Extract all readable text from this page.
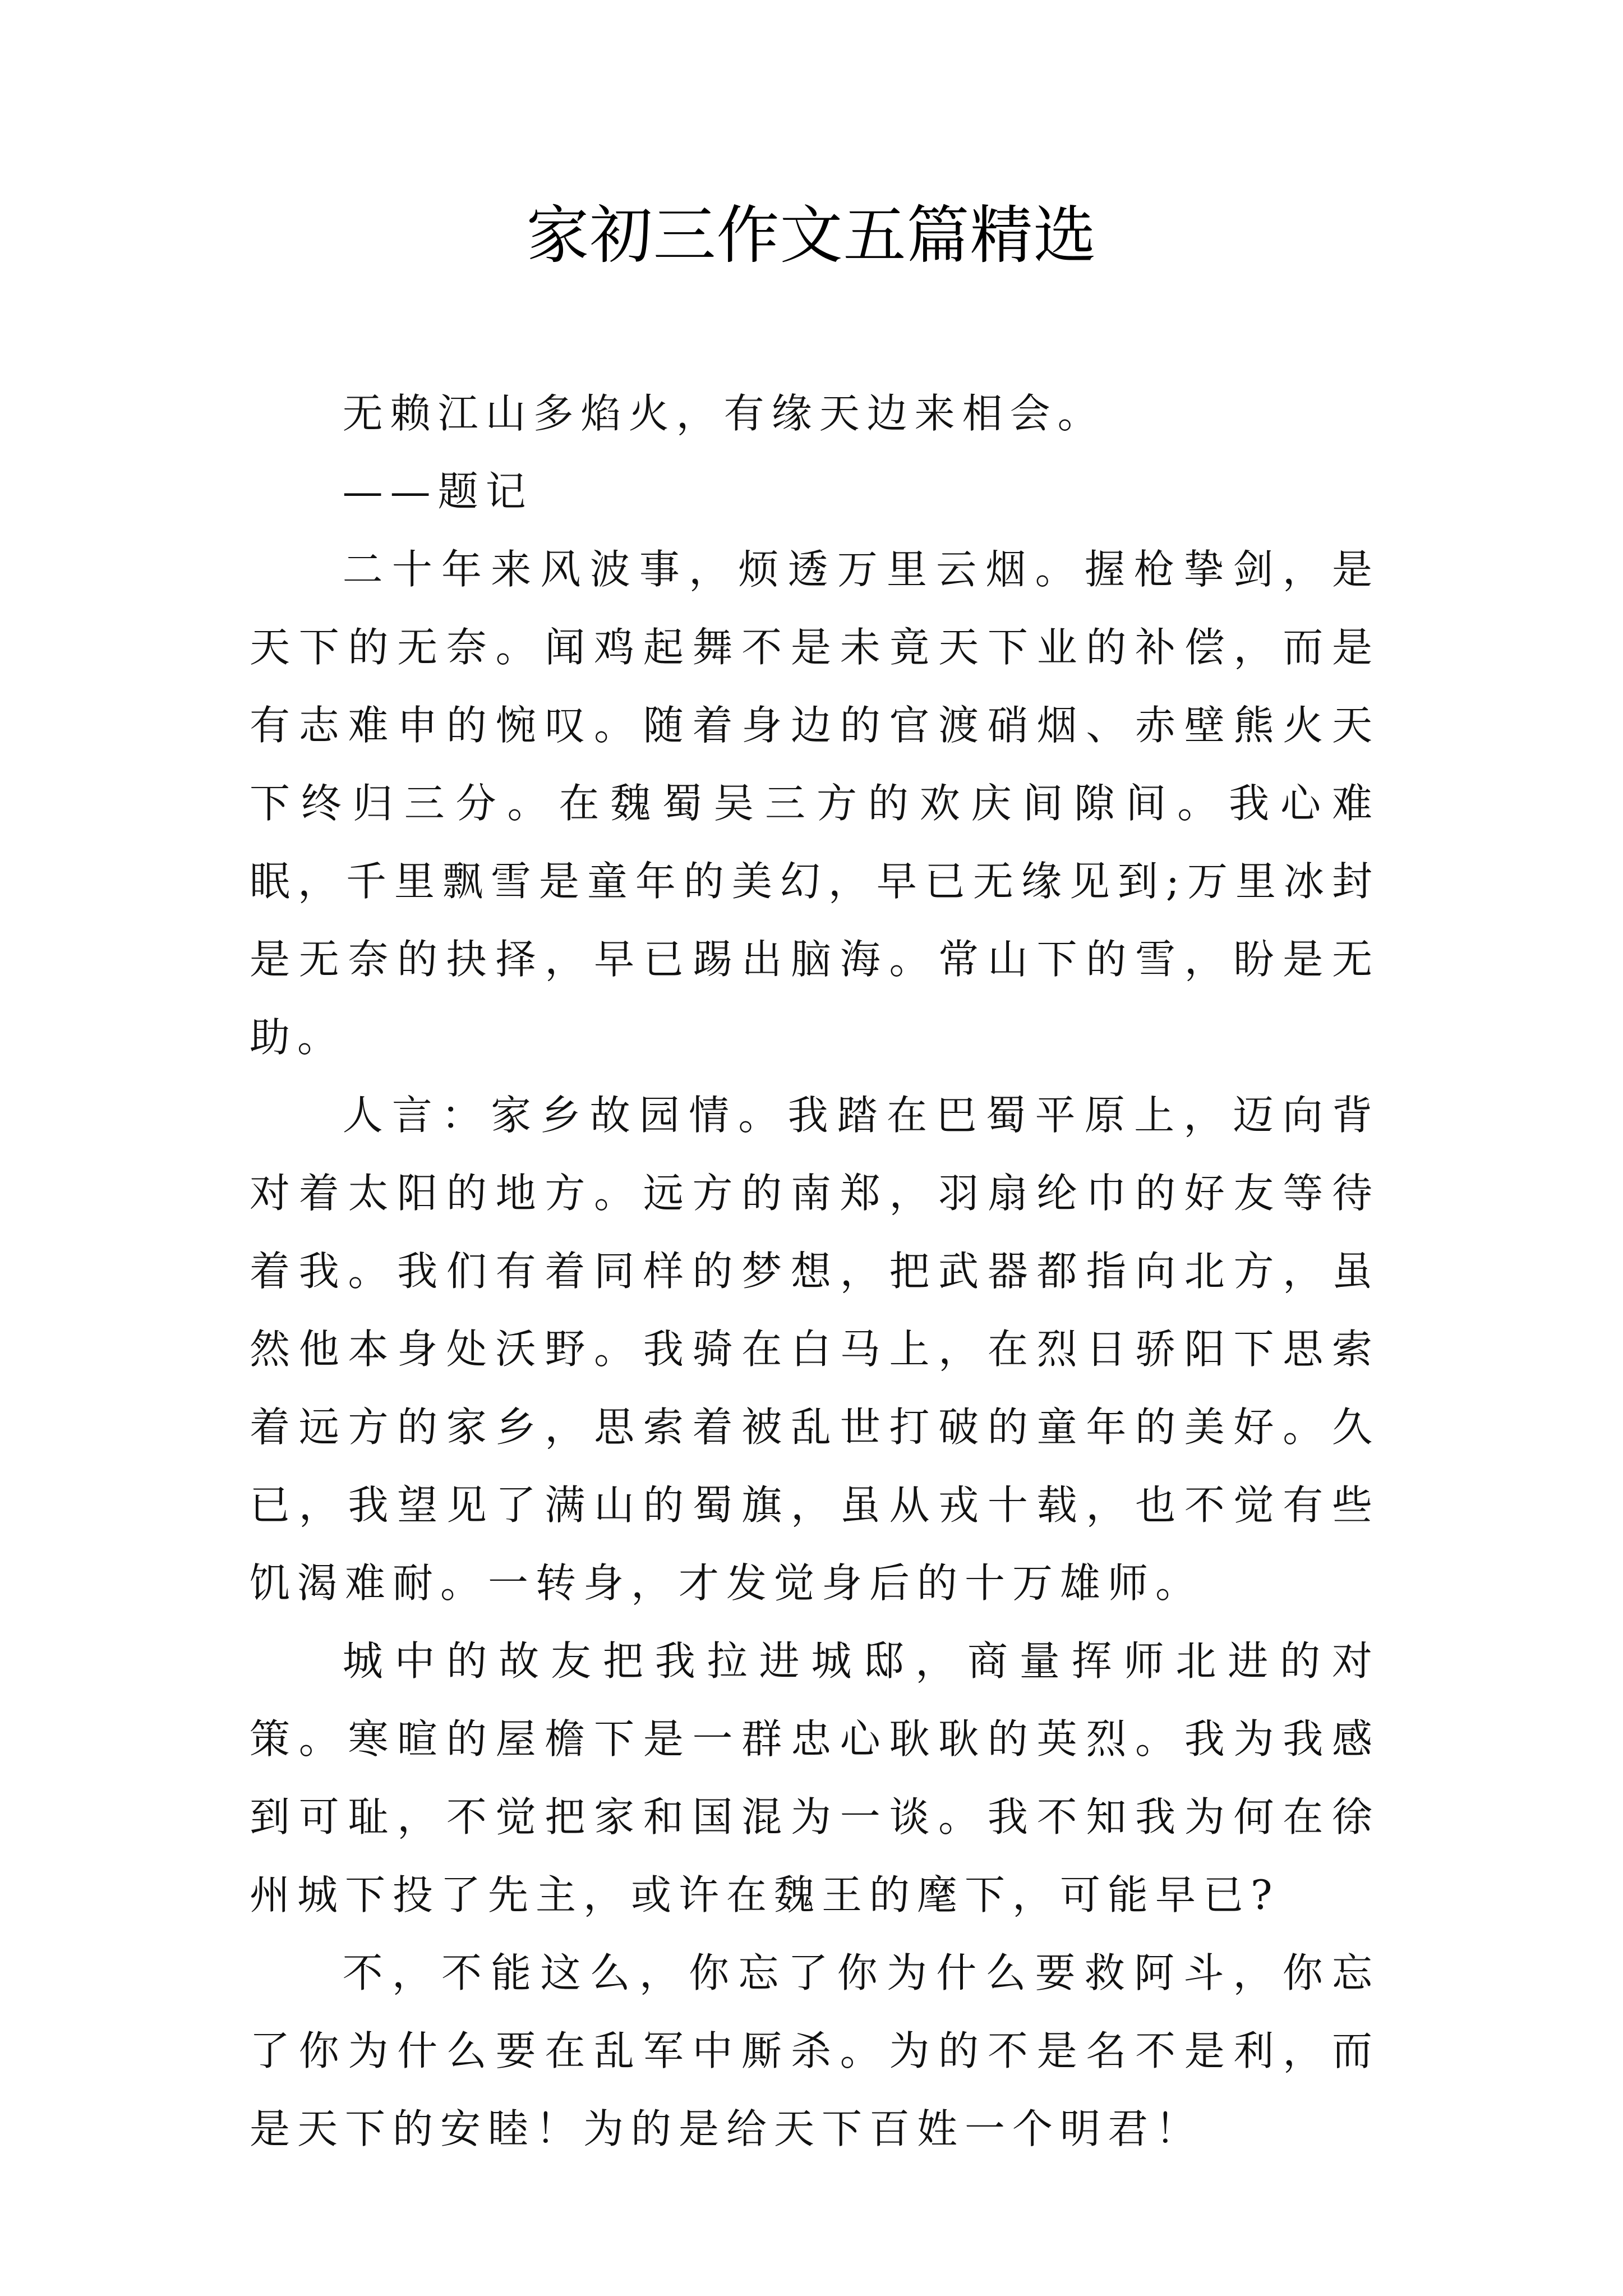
家初三作文五篇精选

无赖江山多焰火，有缘天边来相会。

——题记

二十年来风波事，烦透万里云烟。握枪挚剑，是天下的无奈。闻鸡起舞不是未竟天下业的补偿，而是有志难申的惋叹。随着身边的官渡硝烟、赤壁熊火天下终归三分。在魏蜀吴三方的欢庆间隙间。我心难眠，千里飘雪是童年的美幻，早已无缘见到;万里冰封是无奈的抉择，早已踢出脑海。常山下的雪，盼是无助。

人言：家乡故园情。我踏在巴蜀平原上，迈向背对着太阳的地方。远方的南郑，羽扇纶巾的好友等待着我。我们有着同样的梦想，把武器都指向北方，虽然他本身处沃野。我骑在白马上，在烈日骄阳下思索着远方的家乡，思索着被乱世打破的童年的美好。久已，我望见了满山的蜀旗，虽从戎十载，也不觉有些饥渴难耐。一转身，才发觉身后的十万雄师。

城中的故友把我拉进城邸，商量挥师北进的对策。寒暄的屋檐下是一群忠心耿耿的英烈。我为我感到可耻，不觉把家和国混为一谈。我不知我为何在徐州城下投了先主，或许在魏王的麾下，可能早已?

不，不能这么，你忘了你为什么要救阿斗，你忘了你为什么要在乱军中厮杀。为的不是名不是利，而是天下的安睦！为的是给天下百姓一个明君！
